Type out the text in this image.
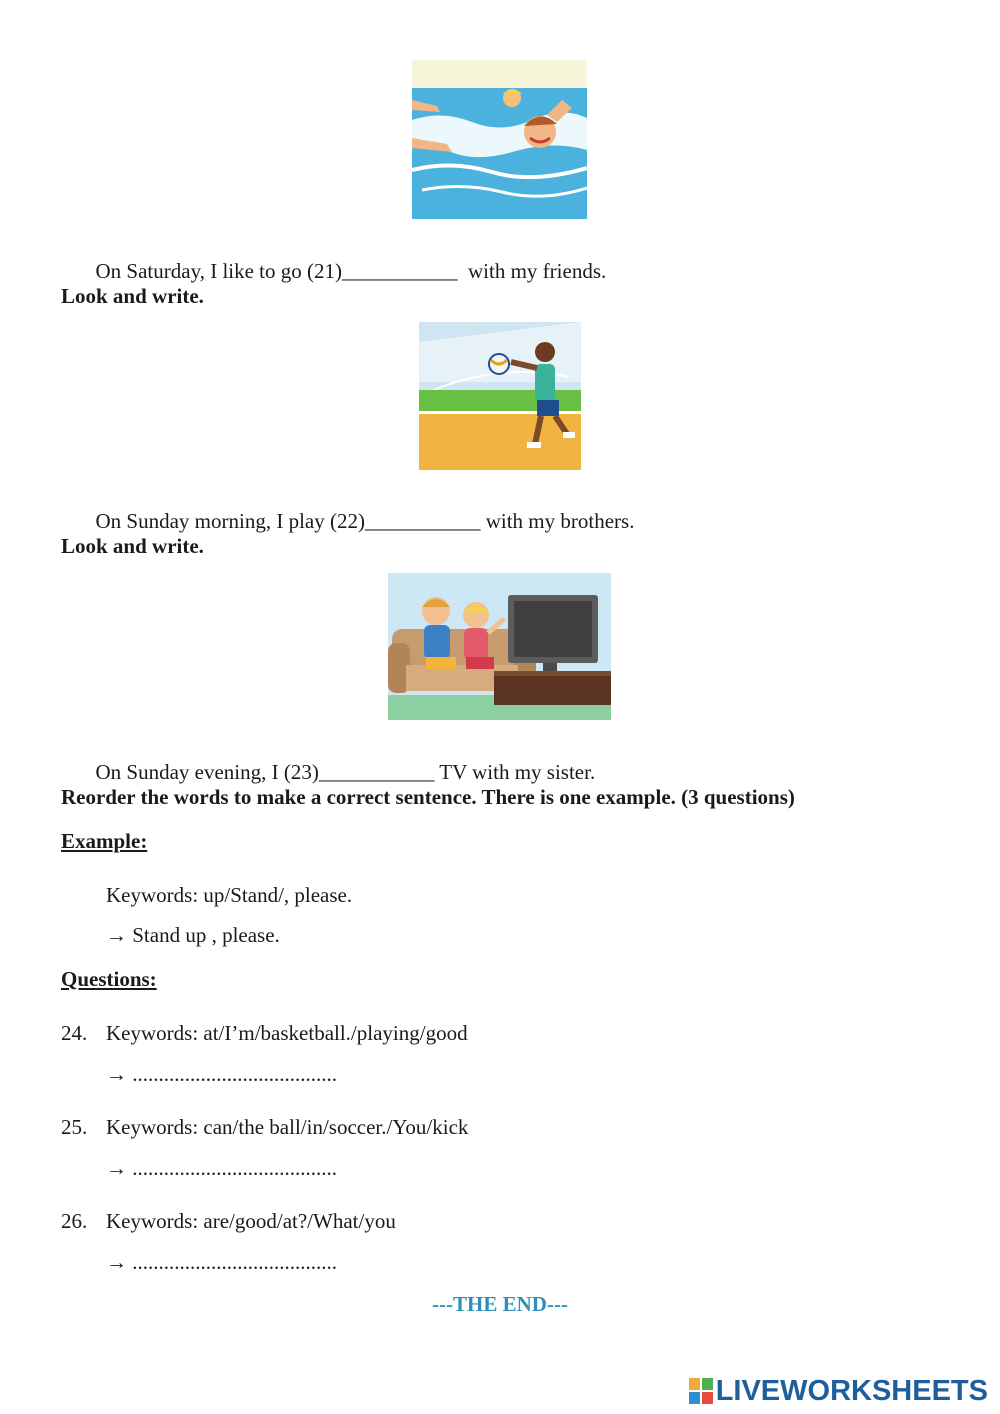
On Saturday, I like to go (21)___________  with my friends.

Look and write.

On Sunday morning, I play (22)___________ with my brothers.

Look and write.

On Sunday evening, I (23)___________ TV with my sister.

Reorder the words to make a correct sentence. There is one example. (3 questions)
Example:
Keywords: up/Stand/, please.
→ Stand up , please.
Questions:
24. Keywords: at/I’m/basketball./playing/good
→ .......................................
25. Keywords: can/the ball/in/soccer./You/kick
→ .......................................
26. Keywords: are/good/at?/What/you
→ .......................................
---THE END---
LIVEWORKSHEETS
